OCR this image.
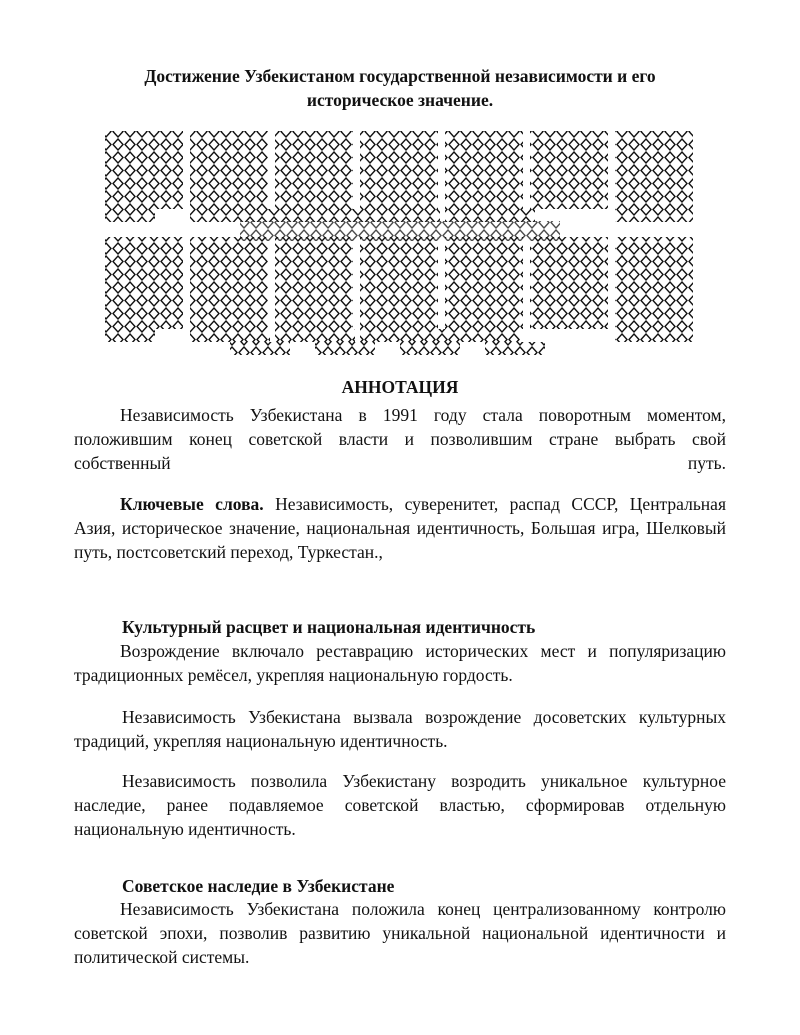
Достижение Узбекистаном государственной независимости и его
историческое значение.
АННОТАЦИЯ
Независимость Узбекистана в 1991 году стала поворотным моментом,
положившим конец советской власти и позволившим стране выбрать свой
собственный	путь.
Ключевые слова. Независимость, суверенитет, распад СССР, Центральная Азия, историческое значение, национальная идентичность, Большая игра, Шелковый путь, постсоветский переход, Туркестан.,
Культурный расцвет и национальная идентичность
Возрождение включало реставрацию исторических мест и популяризацию традиционных ремёсел, укрепляя национальную гордость.
Независимость Узбекистана вызвала возрождение досоветских культурных традиций, укрепляя национальную идентичность.
Независимость позволила Узбекистану возродить уникальное культурное наследие, ранее подавляемое советской властью, сформировав отдельную национальную идентичность.
Советское наследие в Узбекистане
Независимость Узбекистана положила конец централизованному контролю советской эпохи, позволив развитию уникальной национальной идентичности и политической системы.
